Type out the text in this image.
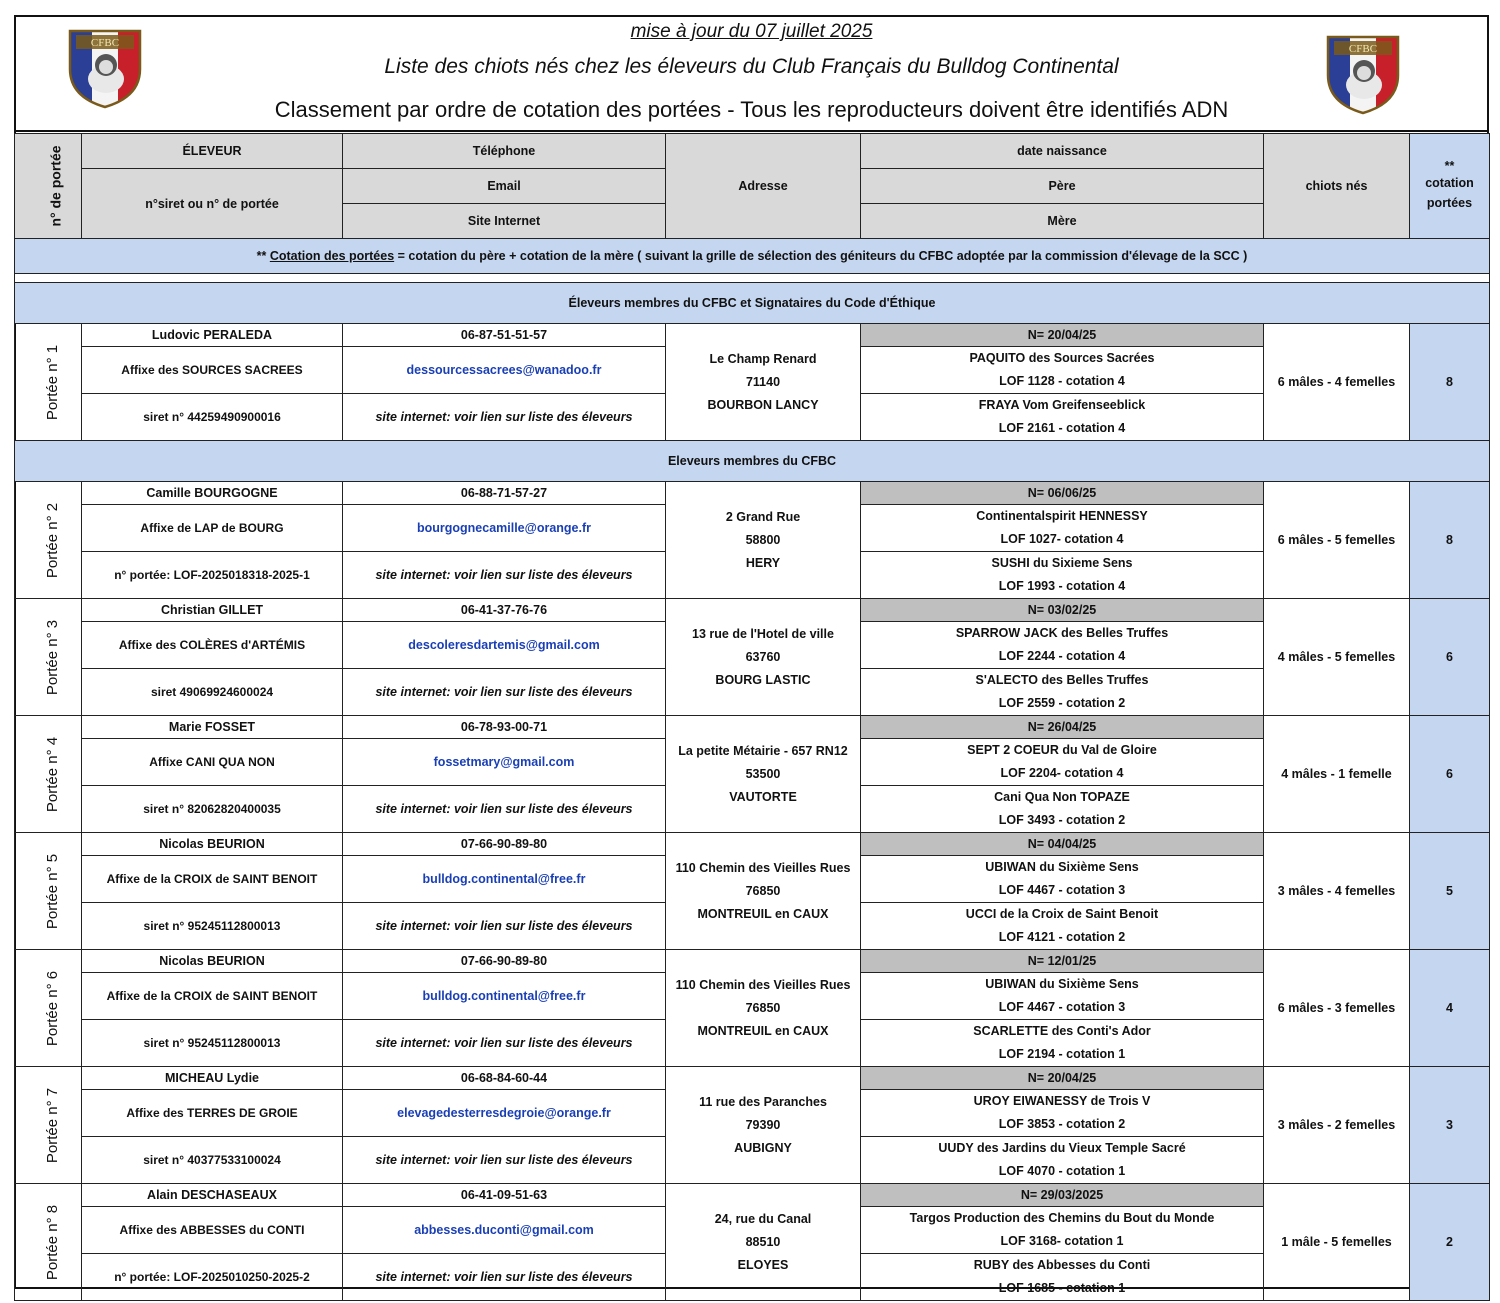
CFBC
mise à jour du 07 juillet 2025
Liste des chiots nés chez les éleveurs du Club Français du Bulldog Continental
Classement par ordre de cotation des portées - Tous les reproducteurs doivent être identifiés ADN
CFBC
n° de portée	ÉLEVEUR	Téléphone	Adresse	date naissance	chiots nés	**
cotation portées

	n°siret ou n° de portée	Email		Père		
		Site Internet		Mère		
** Cotation des portées = cotation du père + cotation de la mère ( suivant la grille de sélection des géniteurs du CFBC adoptée par la commission d'élevage de la SCC )						

Éleveurs membres du CFBC et Signataires du Code d'Éthique						
Portée n° 1	Ludovic PERALEDA	06-87-51-51-57	Le Champ Renard
71140
BOURBON LANCY	N= 20/04/25	6 mâles - 4 femelles	8
	Affixe des SOURCES SACREES	dessourcessacrees@wanadoo.fr		PAQUITO des Sources Sacrées
LOF 1128 - cotation 4		

	siret n° 44259490900016	site internet: voir lien sur liste des éleveurs		FRAYA Vom Greifenseeblick
LOF 2161 - cotation 4		

Eleveurs membres du CFBC						
Portée n° 2	Camille BOURGOGNE	06-88-71-57-27	2 Grand Rue
58800
HERY	N= 06/06/25	6 mâles - 5 femelles	8
	Affixe de LAP de BOURG	bourgognecamille@orange.fr		Continentalspirit HENNESSY
LOF 1027- cotation 4		

	n° portée: LOF-2025018318-2025-1	site internet: voir lien sur liste des éleveurs		SUSHI du Sixieme Sens
LOF 1993 - cotation 4		

Portée n° 3	Christian GILLET	06-41-37-76-76	13 rue de l'Hotel de ville
63760
BOURG LASTIC	N= 03/02/25	4 mâles - 5 femelles	6
	Affixe des COLÈRES d'ARTÉMIS	descoleresdartemis@gmail.com		SPARROW JACK des Belles Truffes
LOF 2244 - cotation 4		

	siret 49069924600024	site internet: voir lien sur liste des éleveurs		S'ALECTO des Belles Truffes
LOF 2559 - cotation 2		

Portée n° 4	Marie FOSSET	06-78-93-00-71	La petite Métairie - 657 RN12
53500
VAUTORTE	N= 26/04/25	4 mâles - 1 femelle	6
	Affixe CANI QUA NON	fossetmary@gmail.com		SEPT 2 COEUR du Val de Gloire
LOF 2204- cotation 4		

	siret n° 82062820400035	site internet: voir lien sur liste des éleveurs		Cani Qua Non TOPAZE
LOF 3493 - cotation 2		

Portée n° 5	Nicolas BEURION	07-66-90-89-80	110 Chemin des Vieilles Rues
76850
MONTREUIL en CAUX	N= 04/04/25	3 mâles - 4 femelles	5
	Affixe de la CROIX de SAINT BENOIT	bulldog.continental@free.fr		UBIWAN du Sixième Sens
LOF 4467 - cotation 3		

	siret n° 95245112800013	site internet: voir lien sur liste des éleveurs		UCCI de la Croix de Saint Benoit
LOF 4121 - cotation 2		

Portée n° 6	Nicolas BEURION	07-66-90-89-80	110 Chemin des Vieilles Rues
76850
MONTREUIL en CAUX	N= 12/01/25	6 mâles - 3 femelles	4
	Affixe de la CROIX de SAINT BENOIT	bulldog.continental@free.fr		UBIWAN du Sixième Sens
LOF 4467 - cotation 3		

	siret n° 95245112800013	site internet: voir lien sur liste des éleveurs		SCARLETTE des Conti's Ador
LOF 2194 - cotation 1		

Portée n° 7	MICHEAU Lydie	06-68-84-60-44	11 rue des Paranches
79390
AUBIGNY	N= 20/04/25	3 mâles - 2 femelles	3
	Affixe des TERRES DE GROIE	elevagedesterresdegroie@orange.fr		UROY EIWANESSY de Trois V
LOF 3853 - cotation 2		

	siret n° 40377533100024	site internet: voir lien sur liste des éleveurs		UUDY des Jardins du Vieux Temple Sacré
LOF 4070 - cotation 1		

Portée n° 8	Alain DESCHASEAUX	06-41-09-51-63	24, rue du Canal
88510
ELOYES	N= 29/03/2025	1 mâle - 5 femelles	2
	Affixe des ABBESSES du CONTI	abbesses.duconti@gmail.com		Targos Production des Chemins du Bout du Monde
LOF 3168- cotation 1		

	n° portée: LOF-2025010250-2025-2	site internet: voir lien sur liste des éleveurs		RUBY des Abbesses du Conti
LOF 1685 - cotation 1		
